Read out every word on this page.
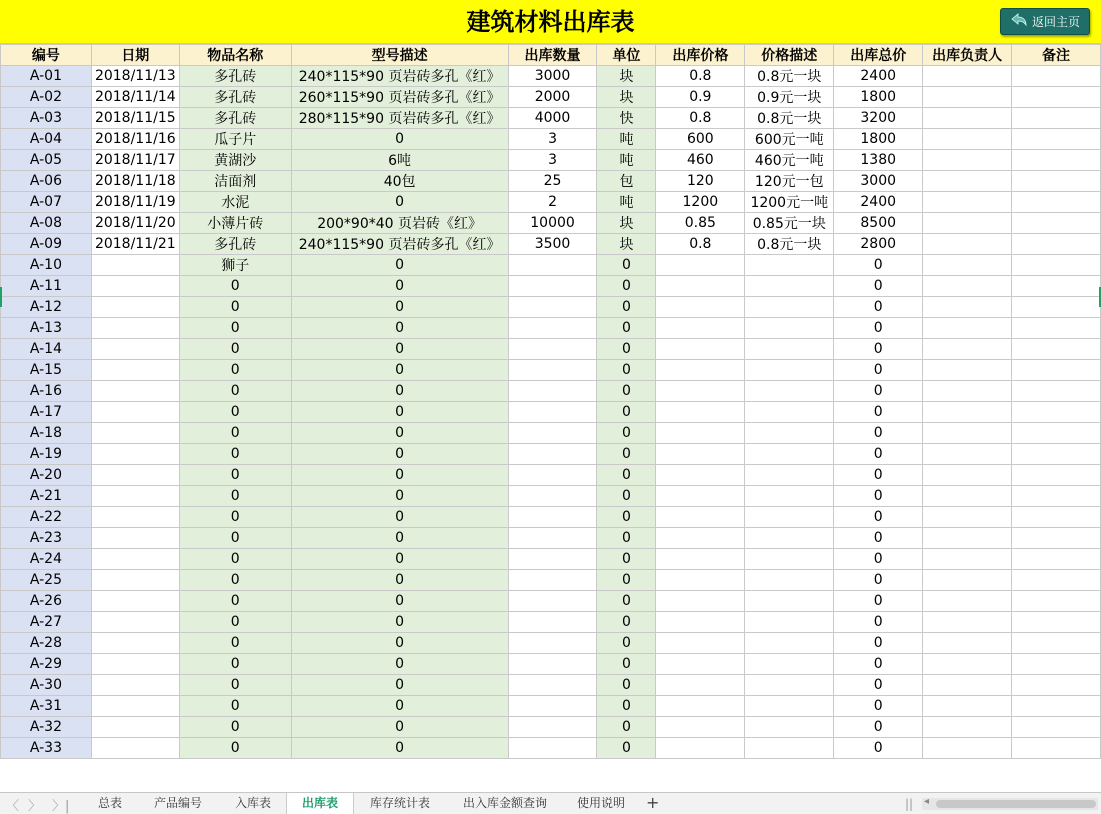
建筑材料出库表	返回主页
编号	日期	物品名称	型号描述	出库数量	单位	出库价格	价格描述	出库总价	出库负责人	备注
A-01	2018/11/13	多孔砖	240*115*90 页岩砖多孔《红》	3000	块	0.8	0.8元一块	2400		
A-02	2018/11/14	多孔砖	260*115*90 页岩砖多孔《红》	2000	块	0.9	0.9元一块	1800		
A-03	2018/11/15	多孔砖	280*115*90 页岩砖多孔《红》	4000	快	0.8	0.8元一块	3200		
A-04	2018/11/16	瓜子片	0	3	吨	600	600元一吨	1800		
A-05	2018/11/17	黄湖沙	6吨	3	吨	460	460元一吨	1380		
A-06	2018/11/18	洁面剂	40包	25	包	120	120元一包	3000		
A-07	2018/11/19	水泥	0	2	吨	1200	1200元一吨	2400		
A-08	2018/11/20	小薄片砖	200*90*40 页岩砖《红》	10000	块	0.85	0.85元一块	8500		
A-09	2018/11/21	多孔砖	240*115*90 页岩砖多孔《红》	3500	块	0.8	0.8元一块	2800		
A-10		狮子	0		0			0		
A-11		0	0		0			0		
A-12		0	0		0			0		
A-13		0	0		0			0		
A-14		0	0		0			0		
A-15		0	0		0			0		
A-16		0	0		0			0		
A-17		0	0		0			0		
A-18		0	0		0			0		
A-19		0	0		0			0		
A-20		0	0		0			0		
A-21		0	0		0			0		
A-22		0	0		0			0		
A-23		0	0		0			0		
A-24		0	0		0			0		
A-25		0	0		0			0		
A-26		0	0		0			0		
A-27		0	0		0			0		
A-28		0	0		0			0		
A-29		0	0		0			0		
A-30		0	0		0			0		
A-31		0	0		0			0		
A-32		0	0		0			0		
A-33		0	0		0			0		
〈 〉 〉|	总表	产品编号	入库表	出库表	库存统计表	出入库金额查询	使用说明	+	|| ◂
